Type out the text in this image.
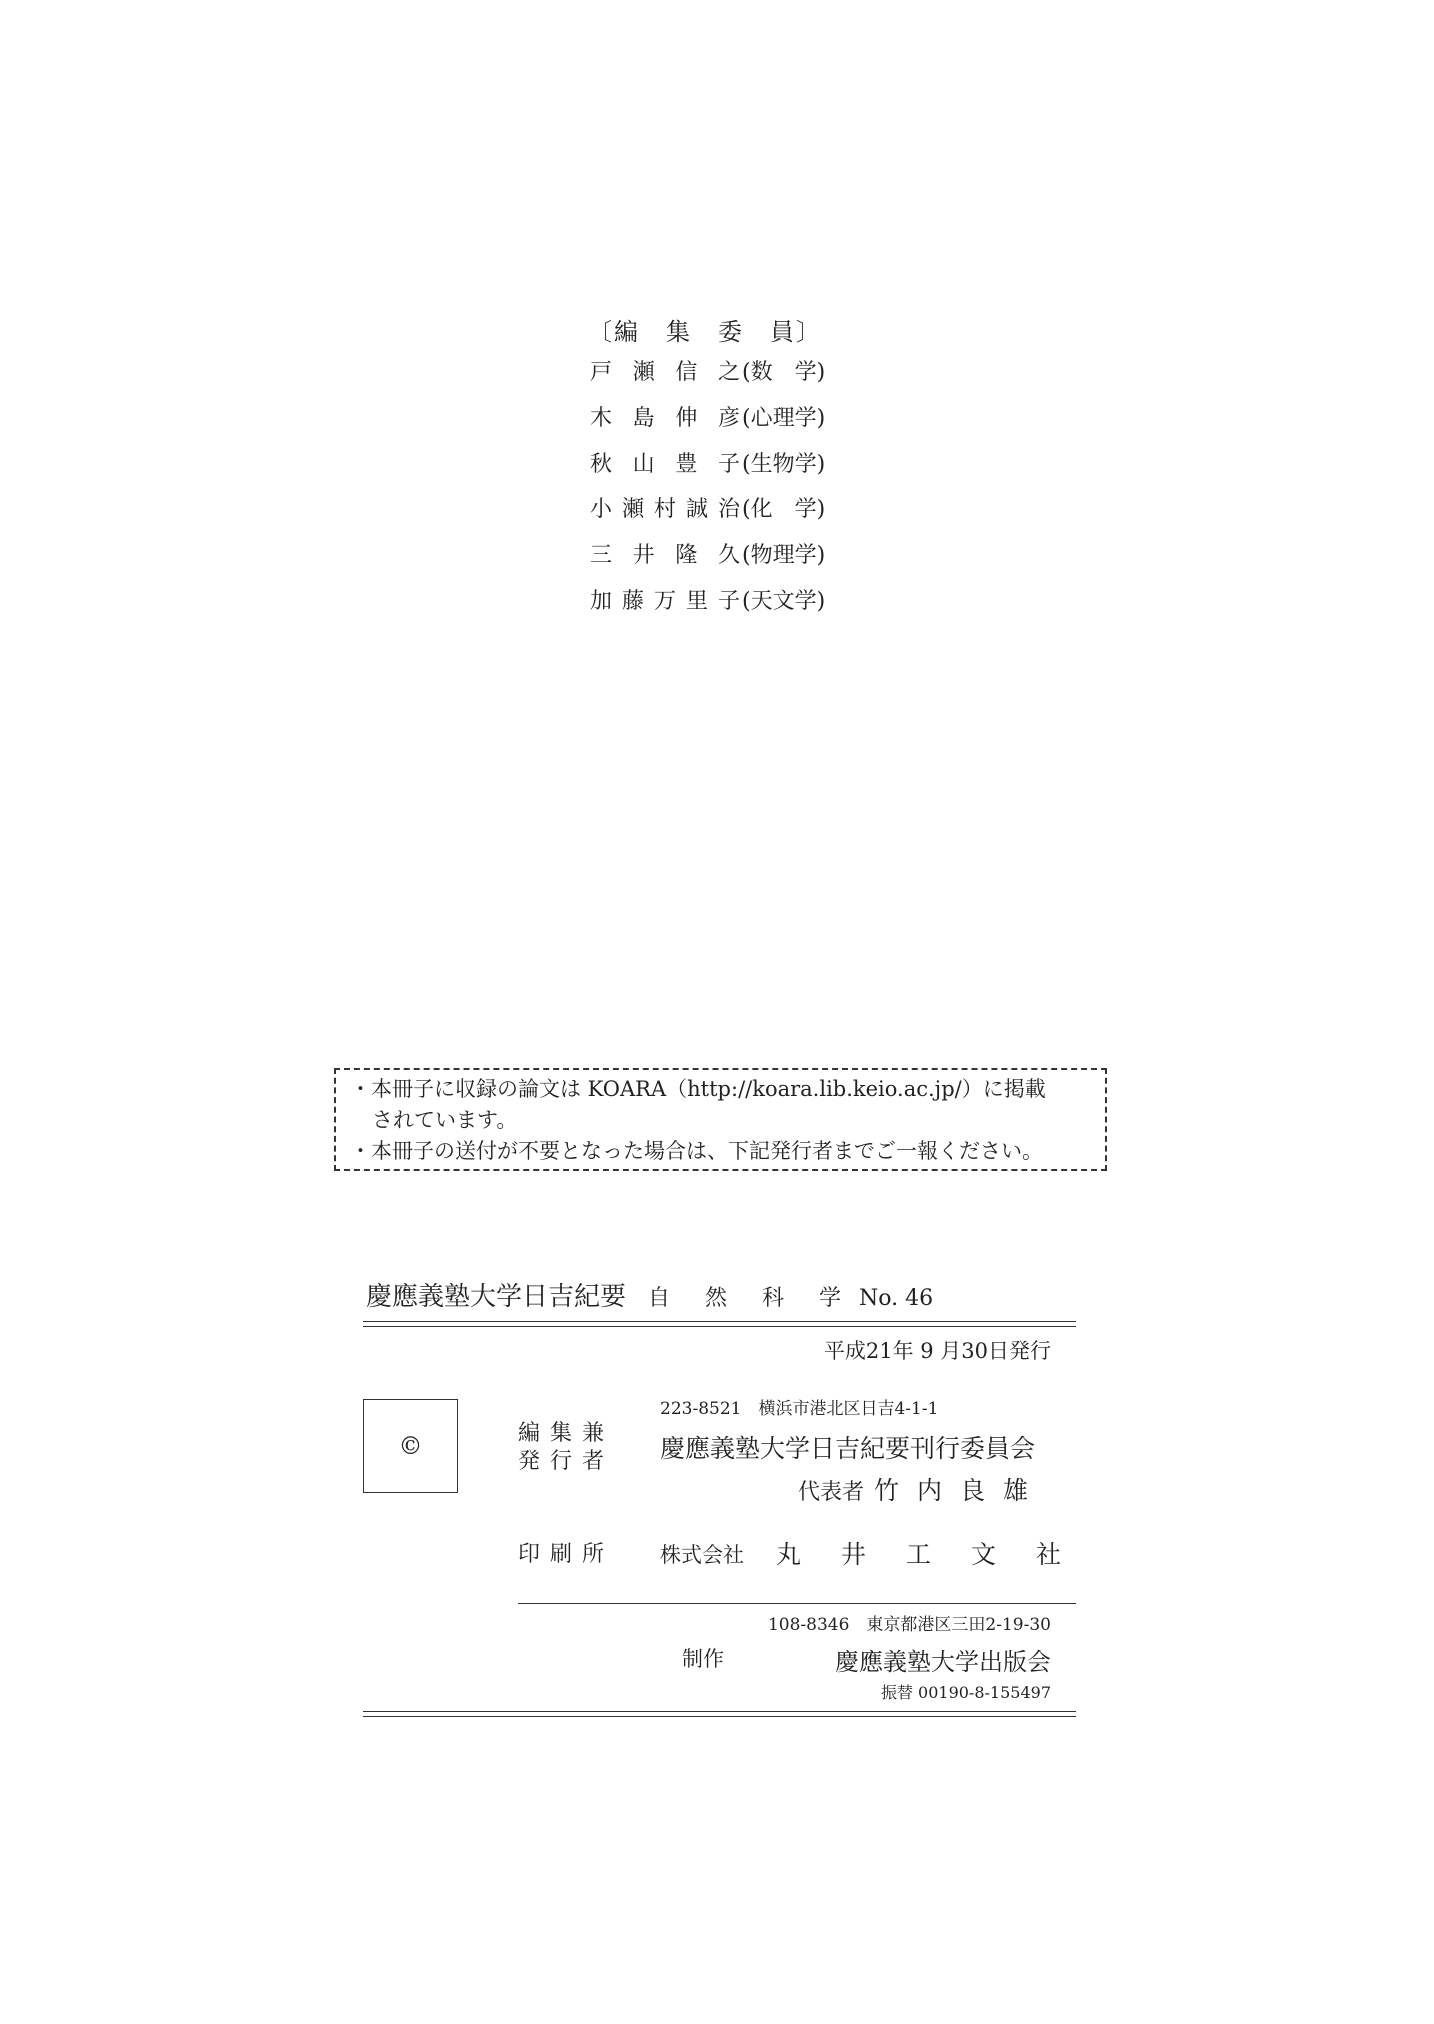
〔編　集　委　員〕
戸瀬信之(数　学)
木島伸彦(心理学)
秋山豊子(生物学)
小瀬村誠治(化　学)
三井隆久(物理学)
加藤万里子(天文学)
・本冊子に収録の論文は KOARA（http://koara.lib.keio.ac.jp/）に掲載
されています。
・本冊子の送付が不要となった場合は、下記発行者までご一報ください。
慶應義塾大学日吉紀要 自 然 科 学 No. 46
平成21年 9 月30日発行
©	編集兼
発行者
223-8521　横浜市港北区日吉4-1-1
慶應義塾大学日吉紀要刊行委員会
代表者 竹内良雄
印刷所 株式会社 丸井工文社
108-8346　東京都港区三田2-19-30
制作	慶應義塾大学出版会
振替 00190-8-155497
